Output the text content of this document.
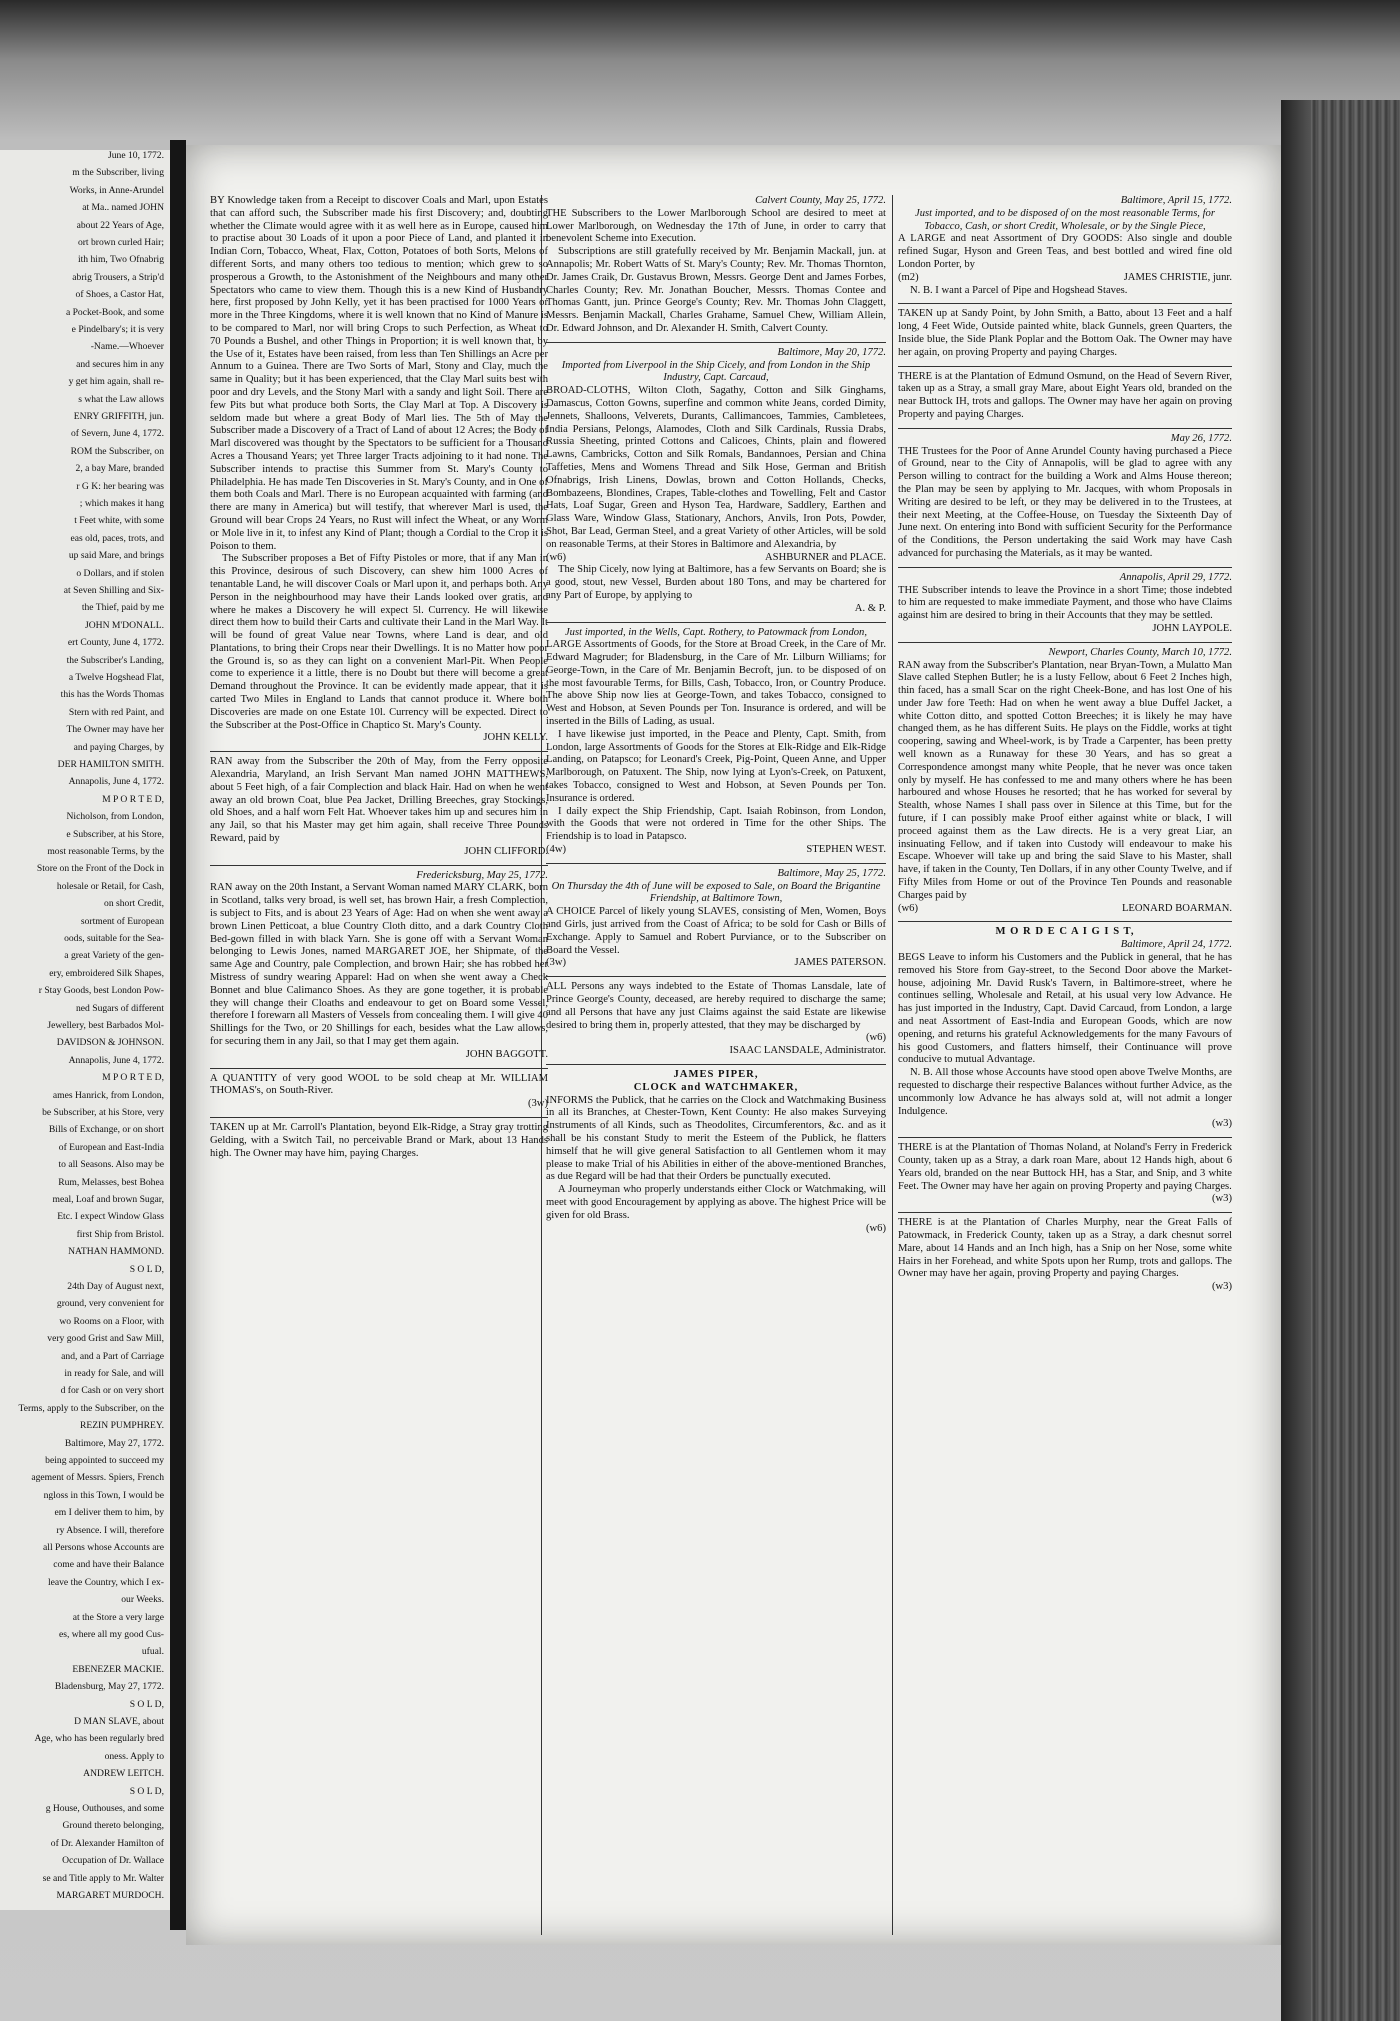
June 10, 1772.
m the Subscriber, living
Works, in Anne-Arundel
at Ma.. named JOHN
about 22 Years of Age,
ort brown curled Hair;
ith him, Two Ofnabrig
abrig Trousers, a Strip'd
of Shoes, a Castor Hat,
a Pocket-Book, and some
e Pindelbary's; it is very
-Name.—Whoever
and secures him in any
y get him again, shall re-
s what the Law allows
ENRY GRIFFITH, jun.
of Severn, June 4, 1772.
ROM the Subscriber, on
2, a bay Mare, branded
r G K: her bearing was
; which makes it hang
t Feet white, with some
eas old, paces, trots, and
up said Mare, and brings
o Dollars, and if stolen
at Seven Shilling and Six-
the Thief, paid by me
JOHN M'DONALL.
ert County, June 4, 1772.
the Subscriber's Landing,
a Twelve Hogshead Flat,
this has the Words Thomas
Stern with red Paint, and
The Owner may have her
and paying Charges, by
DER HAMILTON SMITH.
Annapolis, June 4, 1772.
M P O R T E D,
Nicholson, from London,
e Subscriber, at his Store,
most reasonable Terms, by the
Store on the Front of the Dock in
holesale or Retail, for Cash,
on short Credit,
sortment of European
oods, suitable for the Sea-
a great Variety of the gen-
ery, embroidered Silk Shapes,
r Stay Goods, best London Pow-
ned Sugars of different
Jewellery, best Barbados Mol-
DAVIDSON & JOHNSON.
Annapolis, June 4, 1772.
M P O R T E D,
ames Hanrick, from London,
be Subscriber, at his Store, very
Bills of Exchange, or on short
of European and East-India
to all Seasons. Also may be
Rum, Melasses, best Bohea
meal, Loaf and brown Sugar,
Etc. I expect Window Glass
first Ship from Bristol.
NATHAN HAMMOND.
S O L D,
24th Day of August next,
ground, very convenient for
wo Rooms on a Floor, with
very good Grist and Saw Mill,
and, and a Part of Carriage
in ready for Sale, and will
d for Cash or on very short
Terms, apply to the Subscriber, on the
REZIN PUMPHREY.
Baltimore, May 27, 1772.
being appointed to succeed my
agement of Messrs. Spiers, French
ngloss in this Town, I would be
em I deliver them to him, by
ry Absence. I will, therefore
all Persons whose Accounts are
come and have their Balance
leave the Country, which I ex-
our Weeks.
at the Store a very large
es, where all my good Cus-
ufual.
EBENEZER MACKIE.
Bladensburg, May 27, 1772.
S O L D,
D MAN SLAVE, about
Age, who has been regularly bred
oness. Apply to
ANDREW LEITCH.
S O L D,
g House, Outhouses, and some
Ground thereto belonging,
of Dr. Alexander Hamilton of
Occupation of Dr. Wallace
se and Title apply to Mr. Walter
MARGARET MURDOCH.

BY Knowledge taken from a Receipt to discover Coals and Marl, upon Estates that can afford such, the Subscriber made his first Discovery; and, doubting whether the Climate would agree with it as well here as in Europe, caused him to practise about 30 Loads of it upon a poor Piece of Land, and planted it in Indian Corn, Tobacco, Wheat, Flax, Cotton, Potatoes of both Sorts, Melons of different Sorts, and many others too tedious to mention; which grew to so prosperous a Growth, to the Astonishment of the Neighbours and many other Spectators who came to view them. Though this is a new Kind of Husbandry here, first proposed by John Kelly, yet it has been practised for 1000 Years or more in the Three Kingdoms, where it is well known that no Kind of Manure is to be compared to Marl, nor will bring Crops to such Perfection, as Wheat to 70 Pounds a Bushel, and other Things in Proportion; it is well known that, by the Use of it, Estates have been raised, from less than Ten Shillings an Acre per Annum to a Guinea. There are Two Sorts of Marl, Stony and Clay, much the same in Quality; but it has been experienced, that the Clay Marl suits best with poor and dry Levels, and the Stony Marl with a sandy and light Soil. There are few Pits but what produce both Sorts, the Clay Marl at Top. A Discovery is seldom made but where a great Body of Marl lies. The 5th of May the Subscriber made a Discovery of a Tract of Land of about 12 Acres; the Body of Marl discovered was thought by the Spectators to be sufficient for a Thousand Acres a Thousand Years; yet Three larger Tracts adjoining to it had none. The Subscriber intends to practise this Summer from St. Mary's County to Philadelphia. He has made Ten Discoveries in St. Mary's County, and in One of them both Coals and Marl. There is no European acquainted with farming (and there are many in America) but will testify, that wherever Marl is used, the Ground will bear Crops 24 Years, no Rust will infect the Wheat, or any Worm or Mole live in it, to infest any Kind of Plant; though a Cordial to the Crop it is Poison to them.

The Subscriber proposes a Bet of Fifty Pistoles or more, that if any Man in this Province, desirous of such Discovery, can shew him 1000 Acres of tenantable Land, he will discover Coals or Marl upon it, and perhaps both. Any Person in the neighbourhood may have their Lands looked over gratis, and where he makes a Discovery he will expect 5l. Currency. He will likewise direct them how to build their Carts and cultivate their Land in the Marl Way. It will be found of great Value near Towns, where Land is dear, and old Plantations, to bring their Crops near their Dwellings. It is no Matter how poor the Ground is, so as they can light on a convenient Marl-Pit. When People come to experience it a little, there is no Doubt but there will become a great Demand throughout the Province. It can be evidently made appear, that it is carted Two Miles in England to Lands that cannot produce it. Where both Discoveries are made on one Estate 10l. Currency will be expected. Direct to the Subscriber at the Post-Office in Chaptico St. Mary's County.

JOHN KELLY.

RAN away from the Subscriber the 20th of May, from the Ferry opposite Alexandria, Maryland, an Irish Servant Man named JOHN MATTHEWS, about 5 Feet high, of a fair Complection and black Hair. Had on when he went away an old brown Coat, blue Pea Jacket, Drilling Breeches, gray Stockings, old Shoes, and a half worn Felt Hat. Whoever takes him up and secures him in any Jail, so that his Master may get him again, shall receive Three Pounds Reward, paid by

JOHN CLIFFORD.
Fredericksburg, May 25, 1772.

RAN away on the 20th Instant, a Servant Woman named MARY CLARK, born in Scotland, talks very broad, is well set, has brown Hair, a fresh Complection, is subject to Fits, and is about 23 Years of Age: Had on when she went away a brown Linen Petticoat, a blue Country Cloth ditto, and a dark Country Cloth Bed-gown filled in with black Yarn. She is gone off with a Servant Woman belonging to Lewis Jones, named MARGARET JOE, her Shipmate, of the same Age and Country, pale Complection, and brown Hair; she has robbed her Mistress of sundry wearing Apparel: Had on when she went away a Check Bonnet and blue Calimanco Shoes. As they are gone together, it is probable they will change their Cloaths and endeavour to get on Board some Vessel, therefore I forewarn all Masters of Vessels from concealing them. I will give 40 Shillings for the Two, or 20 Shillings for each, besides what the Law allows, for securing them in any Jail, so that I may get them again.

JOHN BAGGOTT.

A QUANTITY of very good WOOL to be sold cheap at Mr. WILLIAM THOMAS's, on South-River.

(3w)

TAKEN up at Mr. Carroll's Plantation, beyond Elk-Ridge, a Stray gray trotting Gelding, with a Switch Tail, no perceivable Brand or Mark, about 13 Hands high. The Owner may have him, paying Charges.

Calvert County, May 25, 1772.

THE Subscribers to the Lower Marlborough School are desired to meet at Lower Marlborough, on Wednesday the 17th of June, in order to carry that benevolent Scheme into Execution.

Subscriptions are still gratefully received by Mr. Benjamin Mackall, jun. at Annapolis; Mr. Robert Watts of St. Mary's County; Rev. Mr. Thomas Thornton, Dr. James Craik, Dr. Gustavus Brown, Messrs. George Dent and James Forbes, Charles County; Rev. Mr. Jonathan Boucher, Messrs. Thomas Contee and Thomas Gantt, jun. Prince George's County; Rev. Mr. Thomas John Claggett, Messrs. Benjamin Mackall, Charles Grahame, Samuel Chew, William Allein, Dr. Edward Johnson, and Dr. Alexander H. Smith, Calvert County.

Baltimore, May 20, 1772.
Imported from Liverpool in the Ship Cicely, and from London in the Ship Industry, Capt. Carcaud,

BROAD-CLOTHS, Wilton Cloth, Sagathy, Cotton and Silk Ginghams, Damascus, Cotton Gowns, superfine and common white Jeans, corded Dimity, Jennets, Shalloons, Velverets, Durants, Callimancoes, Tammies, Cambletees, India Persians, Pelongs, Alamodes, Cloth and Silk Cardinals, Russia Drabs, Russia Sheeting, printed Cottons and Calicoes, Chints, plain and flowered Lawns, Cambricks, Cotton and Silk Romals, Bandannoes, Persian and China Taffeties, Mens and Womens Thread and Silk Hose, German and British Ofnabrigs, Irish Linens, Dowlas, brown and Cotton Hollands, Checks, Bombazeens, Blondines, Crapes, Table-clothes and Towelling, Felt and Castor Hats, Loaf Sugar, Green and Hyson Tea, Hardware, Saddlery, Earthen and Glass Ware, Window Glass, Stationary, Anchors, Anvils, Iron Pots, Powder, Shot, Bar Lead, German Steel, and a great Variety of other Articles, will be sold on reasonable Terms, at their Stores in Baltimore and Alexandria, by

(w6)	ASHBURNER and PLACE.

The Ship Cicely, now lying at Baltimore, has a few Servants on Board; she is a good, stout, new Vessel, Burden about 180 Tons, and may be chartered for any Part of Europe, by applying to

A. & P.
Just imported, in the Wells, Capt. Rothery, to Patowmack from London,

LARGE Assortments of Goods, for the Store at Broad Creek, in the Care of Mr. Edward Magruder; for Bladensburg, in the Care of Mr. Lilburn Williams; for George-Town, in the Care of Mr. Benjamin Becroft, jun. to be disposed of on the most favourable Terms, for Bills, Cash, Tobacco, Iron, or Country Produce. The above Ship now lies at George-Town, and takes Tobacco, consigned to West and Hobson, at Seven Pounds per Ton. Insurance is ordered, and will be inserted in the Bills of Lading, as usual.

I have likewise just imported, in the Peace and Plenty, Capt. Smith, from London, large Assortments of Goods for the Stores at Elk-Ridge and Elk-Ridge Landing, on Patapsco; for Leonard's Creek, Pig-Point, Queen Anne, and Upper Marlborough, on Patuxent. The Ship, now lying at Lyon's-Creek, on Patuxent, takes Tobacco, consigned to West and Hobson, at Seven Pounds per Ton. Insurance is ordered.

I daily expect the Ship Friendship, Capt. Isaiah Robinson, from London, with the Goods that were not ordered in Time for the other Ships. The Friendship is to load in Patapsco.

(4w)	STEPHEN WEST.
Baltimore, May 25, 1772.
On Thursday the 4th of June will be exposed to Sale, on Board the Brigantine Friendship, at Baltimore Town,

A CHOICE Parcel of likely young SLAVES, consisting of Men, Women, Boys and Girls, just arrived from the Coast of Africa; to be sold for Cash or Bills of Exchange. Apply to Samuel and Robert Purviance, or to the Subscriber on Board the Vessel.

(3w)	JAMES PATERSON.

ALL Persons any ways indebted to the Estate of Thomas Lansdale, late of Prince George's County, deceased, are hereby required to discharge the same; and all Persons that have any just Claims against the said Estate are likewise desired to bring them in, properly attested, that they may be discharged by

(w6)
ISAAC LANSDALE, Administrator.
JAMES PIPER,
CLOCK and WATCHMAKER,

INFORMS the Publick, that he carries on the Clock and Watchmaking Business in all its Branches, at Chester-Town, Kent County: He also makes Surveying Instruments of all Kinds, such as Theodolites, Circumferentors, &c. and as it shall be his constant Study to merit the Esteem of the Publick, he flatters himself that he will give general Satisfaction to all Gentlemen whom it may please to make Trial of his Abilities in either of the above-mentioned Branches, as due Regard will be had that their Orders be punctually executed.

A Journeyman who properly understands either Clock or Watchmaking, will meet with good Encouragement by applying as above. The highest Price will be given for old Brass.

(w6)
Baltimore, April 15, 1772.
Just imported, and to be disposed of on the most reasonable Terms, for Tobacco, Cash, or short Credit, Wholesale, or by the Single Piece,

A LARGE and neat Assortment of Dry GOODS: Also single and double refined Sugar, Hyson and Green Teas, and best bottled and wired fine old London Porter, by

(m2)	JAMES CHRISTIE, junr.

N. B. I want a Parcel of Pipe and Hogshead Staves.

TAKEN up at Sandy Point, by John Smith, a Batto, about 13 Feet and a half long, 4 Feet Wide, Outside painted white, black Gunnels, green Quarters, the Inside blue, the Side Plank Poplar and the Bottom Oak. The Owner may have her again, on proving Property and paying Charges.

THERE is at the Plantation of Edmund Osmund, on the Head of Severn River, taken up as a Stray, a small gray Mare, about Eight Years old, branded on the near Buttock IH, trots and gallops. The Owner may have her again on proving Property and paying Charges.

May 26, 1772.

THE Trustees for the Poor of Anne Arundel County having purchased a Piece of Ground, near to the City of Annapolis, will be glad to agree with any Person willing to contract for the building a Work and Alms House thereon; the Plan may be seen by applying to Mr. Jacques, with whom Proposals in Writing are desired to be left, or they may be delivered in to the Trustees, at their next Meeting, at the Coffee-House, on Tuesday the Sixteenth Day of June next. On entering into Bond with sufficient Security for the Performance of the Conditions, the Person undertaking the said Work may have Cash advanced for purchasing the Materials, as it may be wanted.

Annapolis, April 29, 1772.

THE Subscriber intends to leave the Province in a short Time; those indebted to him are requested to make immediate Payment, and those who have Claims against him are desired to bring in their Accounts that they may be settled.

JOHN LAYPOLE.
Newport, Charles County, March 10, 1772.

RAN away from the Subscriber's Plantation, near Bryan-Town, a Mulatto Man Slave called Stephen Butler; he is a lusty Fellow, about 6 Feet 2 Inches high, thin faced, has a small Scar on the right Cheek-Bone, and has lost One of his under Jaw fore Teeth: Had on when he went away a blue Duffel Jacket, a white Cotton ditto, and spotted Cotton Breeches; it is likely he may have changed them, as he has different Suits. He plays on the Fiddle, works at tight coopering, sawing and Wheel-work, is by Trade a Carpenter, has been pretty well known as a Runaway for these 30 Years, and has so great a Correspondence amongst many white People, that he never was once taken only by myself. He has confessed to me and many others where he has been harboured and whose Houses he resorted; that he has worked for several by Stealth, whose Names I shall pass over in Silence at this Time, but for the future, if I can possibly make Proof either against white or black, I will proceed against them as the Law directs. He is a very great Liar, an insinuating Fellow, and if taken into Custody will endeavour to make his Escape. Whoever will take up and bring the said Slave to his Master, shall have, if taken in the County, Ten Dollars, if in any other County Twelve, and if Fifty Miles from Home or out of the Province Ten Pounds and reasonable Charges paid by

(w6)	LEONARD BOARMAN.
M O R D E C A I G I S T,
Baltimore, April 24, 1772.

BEGS Leave to inform his Customers and the Publick in general, that he has removed his Store from Gay-street, to the Second Door above the Market-house, adjoining Mr. David Rusk's Tavern, in Baltimore-street, where he continues selling, Wholesale and Retail, at his usual very low Advance. He has just imported in the Industry, Capt. David Carcaud, from London, a large and neat Assortment of East-India and European Goods, which are now opening, and returns his grateful Acknowledgements for the many Favours of his good Customers, and flatters himself, their Continuance will prove conducive to mutual Advantage.

N. B. All those whose Accounts have stood open above Twelve Months, are requested to discharge their respective Balances without further Advice, as the uncommonly low Advance he has always sold at, will not admit a longer Indulgence.

(w3)

THERE is at the Plantation of Thomas Noland, at Noland's Ferry in Frederick County, taken up as a Stray, a dark roan Mare, about 12 Hands high, about 6 Years old, branded on the near Buttock HH, has a Star, and Snip, and 3 white Feet. The Owner may have her again on proving Property and paying Charges.

(w3)

THERE is at the Plantation of Charles Murphy, near the Great Falls of Patowmack, in Frederick County, taken up as a Stray, a dark chesnut sorrel Mare, about 14 Hands and an Inch high, has a Snip on her Nose, some white Hairs in her Forehead, and white Spots upon her Rump, trots and gallops. The Owner may have her again, proving Property and paying Charges.

(w3)
